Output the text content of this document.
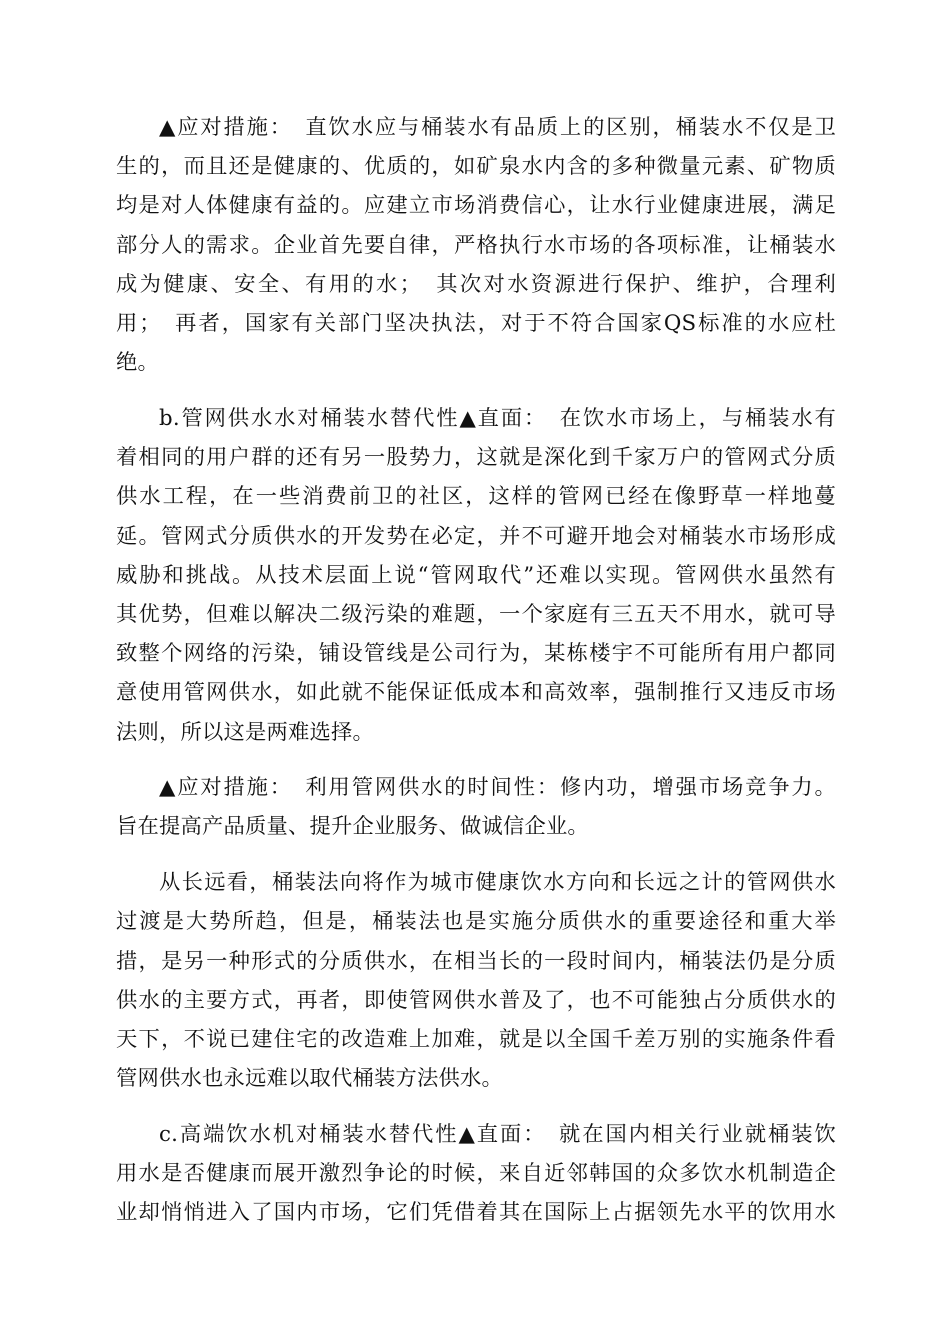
▲应对措施：　直饮水应与桶装水有品质上的区别，桶装水不仅是卫
生的，而且还是健康的、优质的，如矿泉水内含的多种微量元素、矿物质
均是对人体健康有益的。应建立市场消费信心，让水行业健康进展，满足
部分人的需求。企业首先要自律，严格执行水市场的各项标准，让桶装水
成为健康、安全、有用的水；　其次对水资源进行保护、维护，合理利
用；　再者，国家有关部门坚决执法，对于不符合国家QS标准的水应杜
绝。

b.管网供水水对桶装水替代性▲直面：　在饮水市场上，与桶装水有
着相同的用户群的还有另一股势力，这就是深化到千家万户的管网式分质
供水工程，在一些消费前卫的社区，这样的管网已经在像野草一样地蔓
延。管网式分质供水的开发势在必定，并不可避开地会对桶装水市场形成
威胁和挑战。从技术层面上说“管网取代”还难以实现。管网供水虽然有
其优势，但难以解决二级污染的难题，一个家庭有三五天不用水，就可导
致整个网络的污染，铺设管线是公司行为，某栋楼宇不可能所有用户都同
意使用管网供水，如此就不能保证低成本和高效率，强制推行又违反市场
法则，所以这是两难选择。

▲应对措施：　利用管网供水的时间性：修内功，增强市场竞争力。
旨在提高产品质量、提升企业服务、做诚信企业。

从长远看，桶装法向将作为城市健康饮水方向和长远之计的管网供水
过渡是大势所趋，但是，桶装法也是实施分质供水的重要途径和重大举
措，是另一种形式的分质供水，在相当长的一段时间内，桶装法仍是分质
供水的主要方式，再者，即使管网供水普及了，也不可能独占分质供水的
天下，不说已建住宅的改造难上加难，就是以全国千差万别的实施条件看
管网供水也永远难以取代桶装方法供水。

c.高端饮水机对桶装水替代性▲直面：　就在国内相关行业就桶装饮
用水是否健康而展开激烈争论的时候，来自近邻韩国的众多饮水机制造企
业却悄悄进入了国内市场，它们凭借着其在国际上占据领先水平的饮用水
